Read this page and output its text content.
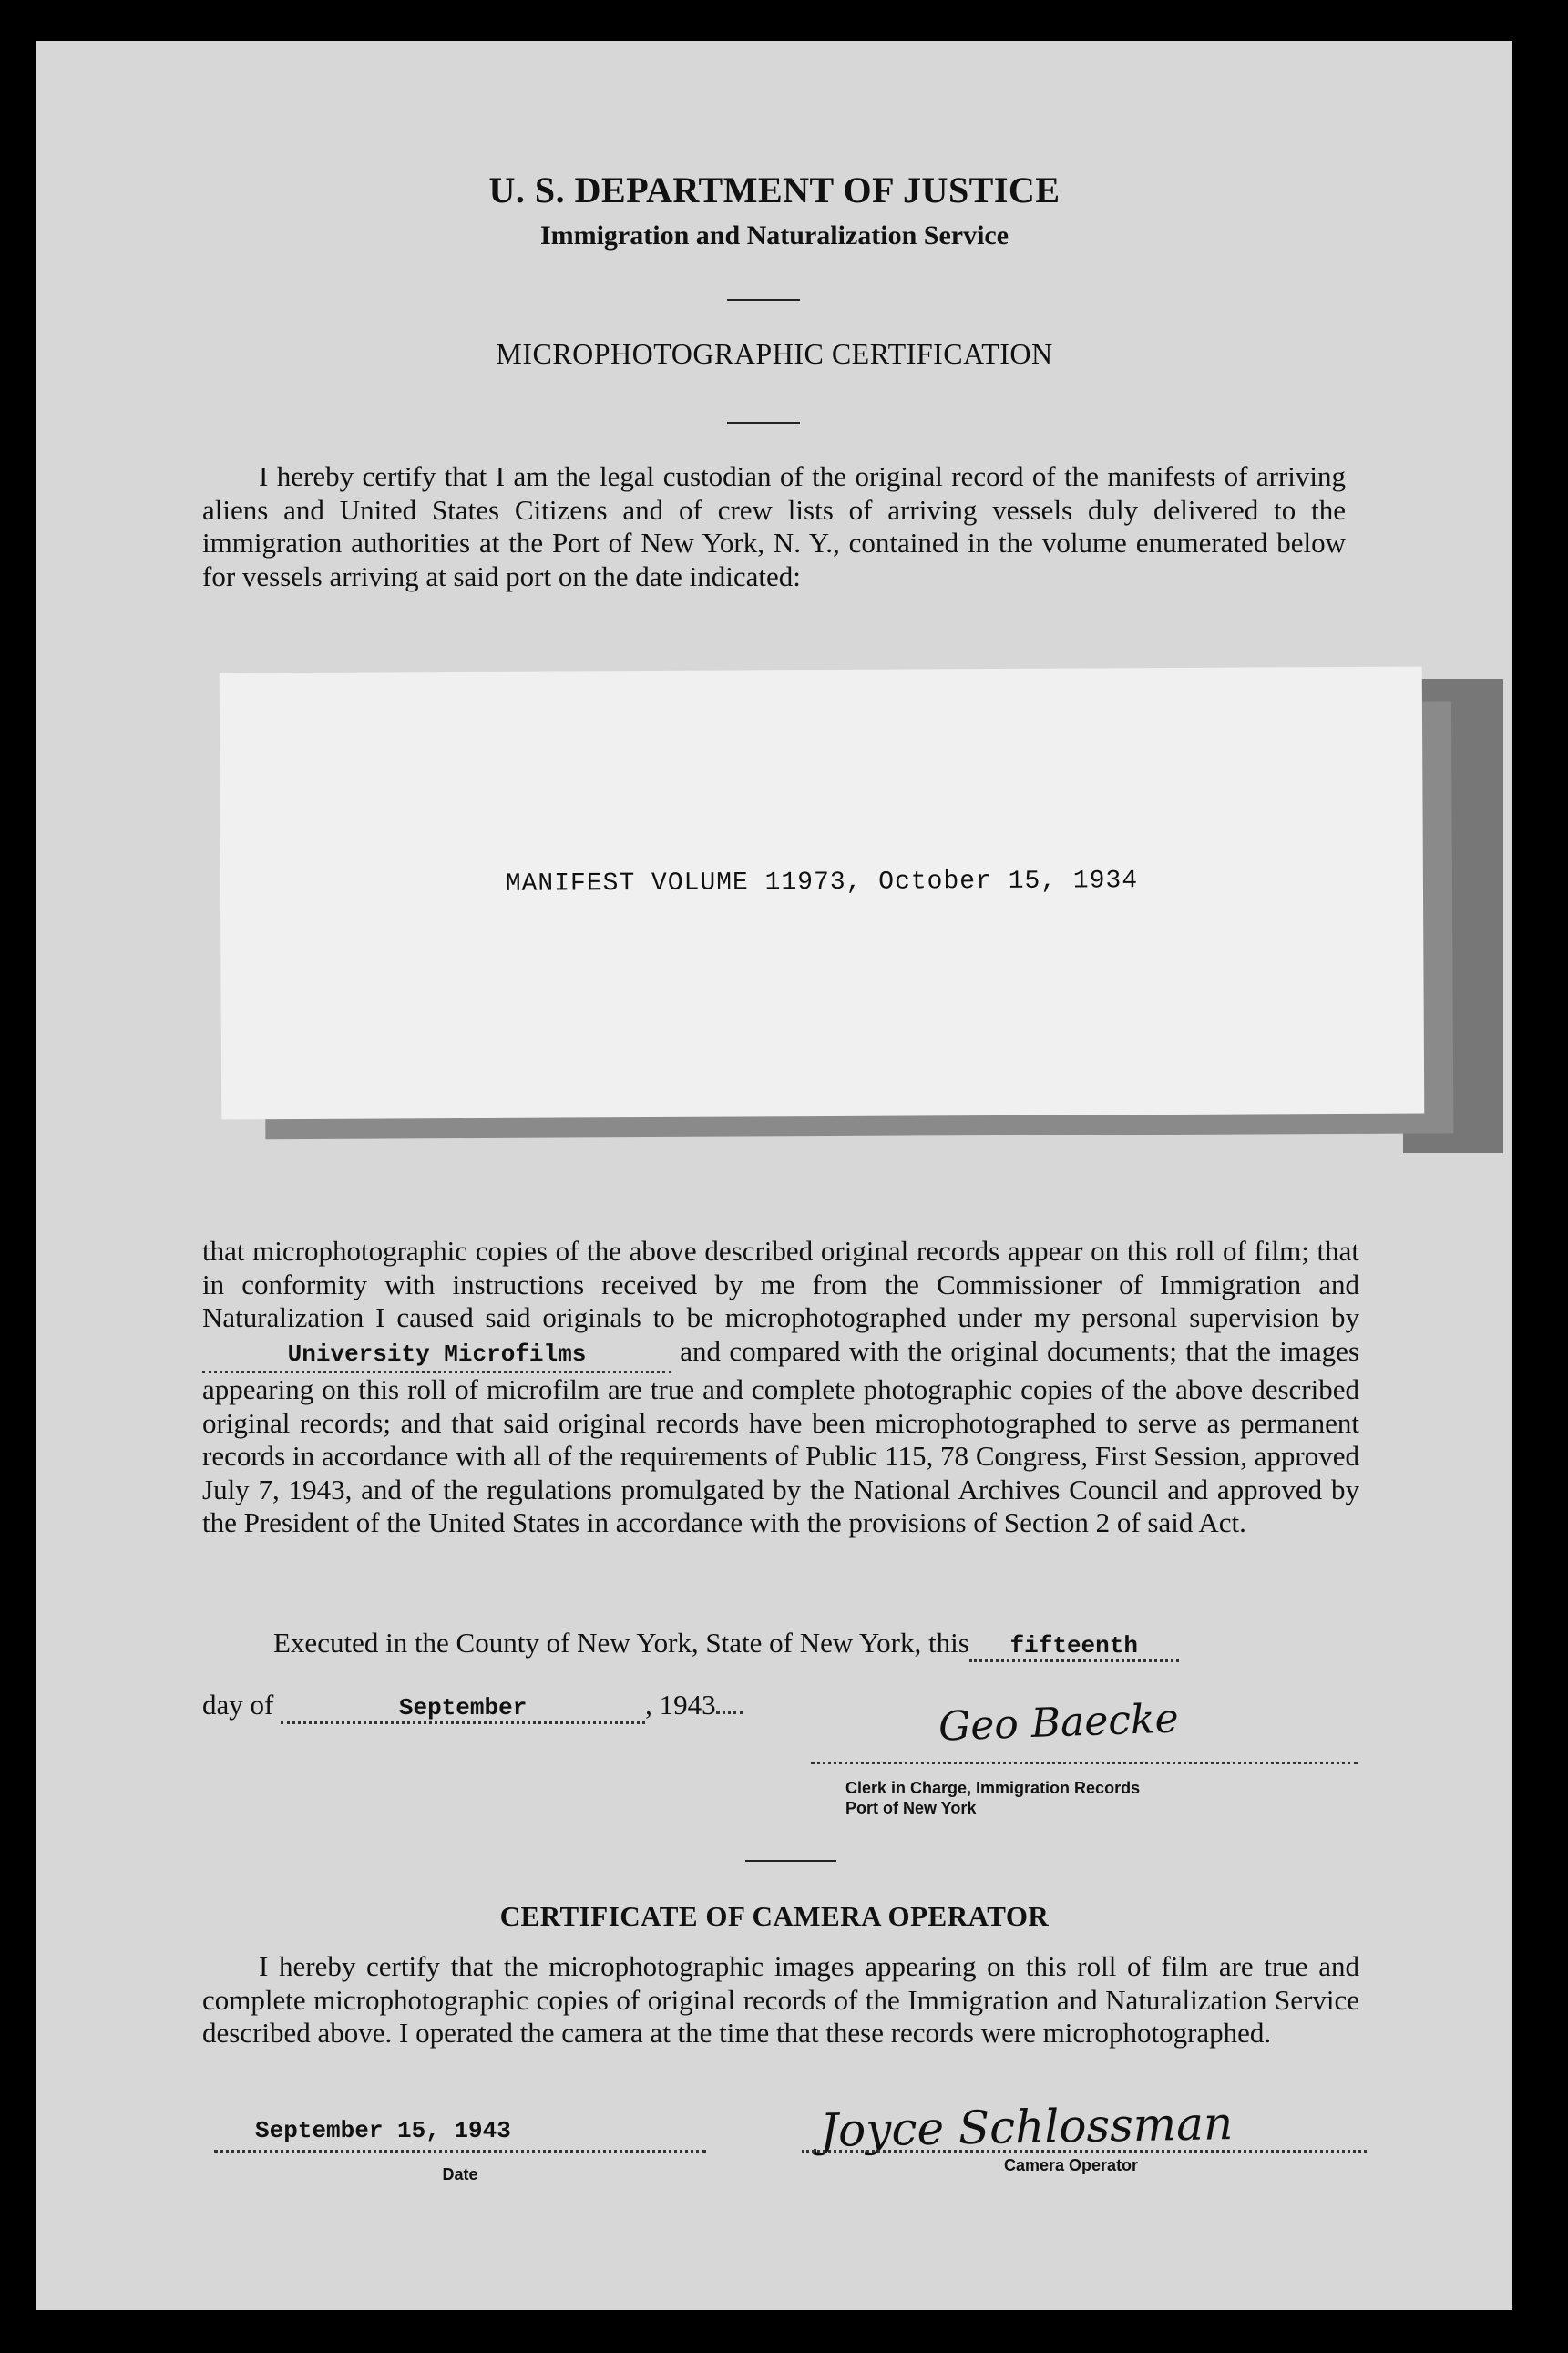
U. S. DEPARTMENT OF JUSTICE
Immigration and Naturalization Service
MICROPHOTOGRAPHIC CERTIFICATION

I hereby certify that I am the legal custodian of the original record of the manifests of arriving aliens and United States Citizens and of crew lists of arriving vessels duly delivered to the immigration authorities at the Port of New York, N. Y., contained in the volume enumerated below for vessels arriving at said port on the date indicated:

MANIFEST VOLUME 11973, October 15, 1934

that microphotographic copies of the above described original records appear on this roll of film; that in conformity with instructions received by me from the Commissioner of Immigration and Naturalization I caused said originals to be microphotographed under my personal supervision by University Microfilms	and compared with the original documents; that the images appearing on this roll of microfilm are true and complete photographic copies of the above described original records; and that said original records have been microphotographed to serve as permanent records in accordance with all of the requirements of Public 115, 78 Congress, First Session, approved July 7, 1943, and of the regulations promulgated by the National Archives Council and approved by the President of the United States in accordance with the provisions of Section 2 of said Act.

Executed in the County of New York, State of New York, this fifteenth
day of	September	, 1943	Geo Baecke
Clerk in Charge, Immigration Records
Port of New York
CERTIFICATE OF CAMERA OPERATOR

I hereby certify that the microphotographic images appearing on this roll of film are true and complete microphotographic copies of original records of the Immigration and Naturalization Service described above. I operated the camera at the time that these records were microphotographed.

September 15, 1943
Date
Joyce Schlossman
Camera Operator
